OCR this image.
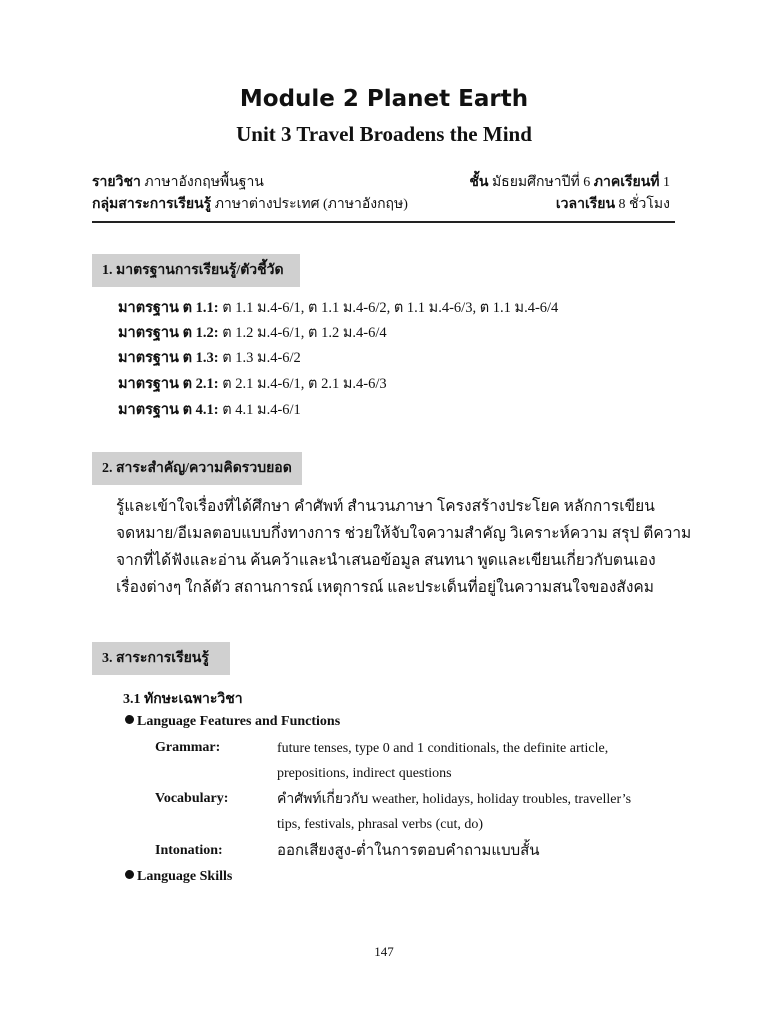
Module 2 Planet Earth
Unit 3 Travel Broadens the Mind
รายวิชา ภาษาอังกฤษพื้นฐาน
กลุ่มสาระการเรียนรู้ ภาษาต่างประเทศ (ภาษาอังกฤษ)
ชั้น มัธยมศึกษาปีที่ 6 ภาคเรียนที่ 1
เวลาเรียน 8 ชั่วโมง
1. มาตรฐานการเรียนรู้/ตัวชี้วัด
มาตรฐาน ต 1.1: ต 1.1 ม.4-6/1, ต 1.1 ม.4-6/2, ต 1.1 ม.4-6/3, ต 1.1 ม.4-6/4
มาตรฐาน ต 1.2: ต 1.2 ม.4-6/1, ต 1.2 ม.4-6/4
มาตรฐาน ต 1.3: ต 1.3 ม.4-6/2
มาตรฐาน ต 2.1: ต 2.1 ม.4-6/1, ต 2.1 ม.4-6/3
มาตรฐาน ต 4.1: ต 4.1 ม.4-6/1
2. สาระสำคัญ/ความคิดรวบยอด
รู้และเข้าใจเรื่องที่ได้ศึกษา คำศัพท์ สำนวนภาษา โครงสร้างประโยค หลักการเขียน
จดหมาย/อีเมลตอบแบบกึ่งทางการ ช่วยให้จับใจความสำคัญ วิเคราะห์ความ สรุป ตีความ
จากที่ได้ฟังและอ่าน ค้นคว้าและนำเสนอข้อมูล สนทนา พูดและเขียนเกี่ยวกับตนเอง
เรื่องต่างๆ ใกล้ตัว สถานการณ์ เหตุการณ์ และประเด็นที่อยู่ในความสนใจของสังคม
3. สาระการเรียนรู้
3.1 ทักษะเฉพาะวิชา
Language Features and Functions
Grammar:	future tenses, type 0 and 1 conditionals, the definite article,
prepositions, indirect questions
Vocabulary:	คำศัพท์เกี่ยวกับ weather, holidays, holiday troubles, traveller’s
tips, festivals, phrasal verbs (cut, do)
Intonation:	ออกเสียงสูง-ต่ำในการตอบคำถามแบบสั้น
Language Skills
147
